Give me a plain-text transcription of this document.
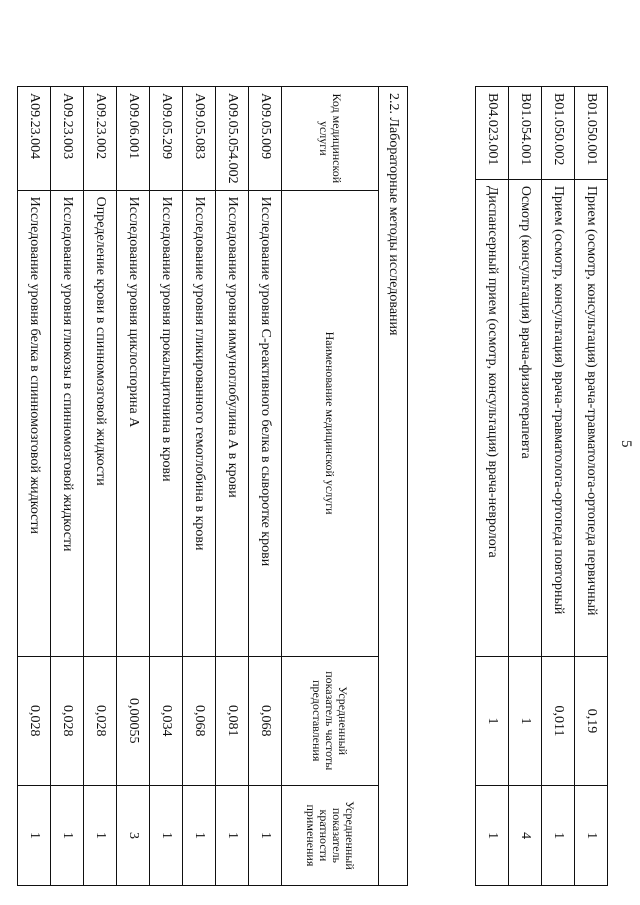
5
B01.050.001	Прием (осмотр, консультация) врача-травматолога-ортопеда первичный	0,19	1
B01.050.002	Прием (осмотр, консультация) врача-травматолога-ортопеда повторный	0,011	1
B01.054.001	Осмотр (консультация) врача-физиотерапевта	1	4
B04.023.001	Диспансерный прием (осмотр, консультация) врача-невролога	1	1
2.2. Лабораторные методы исследования			
Код медицинской услуги	Наименование медицинской услуги	Усредненный показатель частоты предоставления	Усредненный показатель кратности применения
A09.05.009	Исследование уровня С-реактивного белка в сыворотке крови	0,068	1
A09.05.054.002	Исследование уровня иммуноглобулина А в крови	0,081	1
A09.05.083	Исследование уровня гликированного гемоглобина в крови	0,068	1
A09.05.209	Исследование уровня прокальцитонина в крови	0,034	1
A09.06.001	Исследование уровня циклоспорина А	0,00055	3
A09.23.002	Определение крови в спинномозговой жидкости	0,028	1
A09.23.003	Исследование уровня глюкозы в спинномозговой жидкости	0,028	1
A09.23.004	Исследование уровня белка в спинномозговой жидкости	0,028	1
